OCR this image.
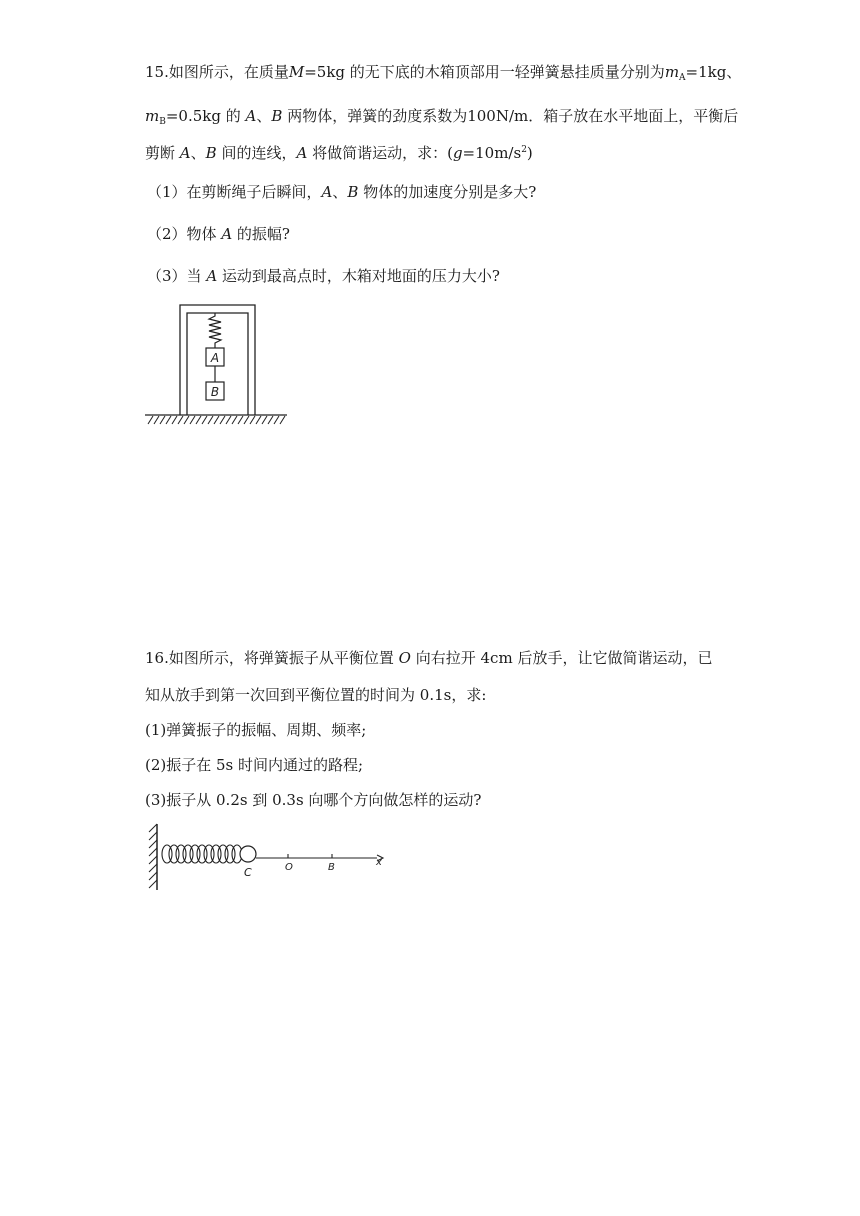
15.如图所示，在质量M=5kg 的无下底的木箱顶部用一轻弹簧悬挂质量分别为$m_A=1kg$、
$m_B=0.5kg$ 的 A、B 两物体，弹簧的劲度系数为100N/m．箱子放在水平地面上，平衡后
剪断 A、B 间的连线，A 将做简谐运动，求：$(g=10m/s^2)$
（1）在剪断绳子后瞬间，A、B 物体的加速度分别是多大?
（2）物体 A 的振幅?
（3）当 A 运动到最高点时，木箱对地面的压力大小?
A
B
16.如图所示，将弹簧振子从平衡位置 O 向右拉开 4cm 后放手，让它做简谐运动，已
知从放手到第一次回到平衡位置的时间为 0.1s，求:
(1)弹簧振子的振幅、周期、频率;
(2)振子在 5s 时间内通过的路程;
(3)振子从 0.2s 到 0.3s 向哪个方向做怎样的运动?
C	O	B	x
